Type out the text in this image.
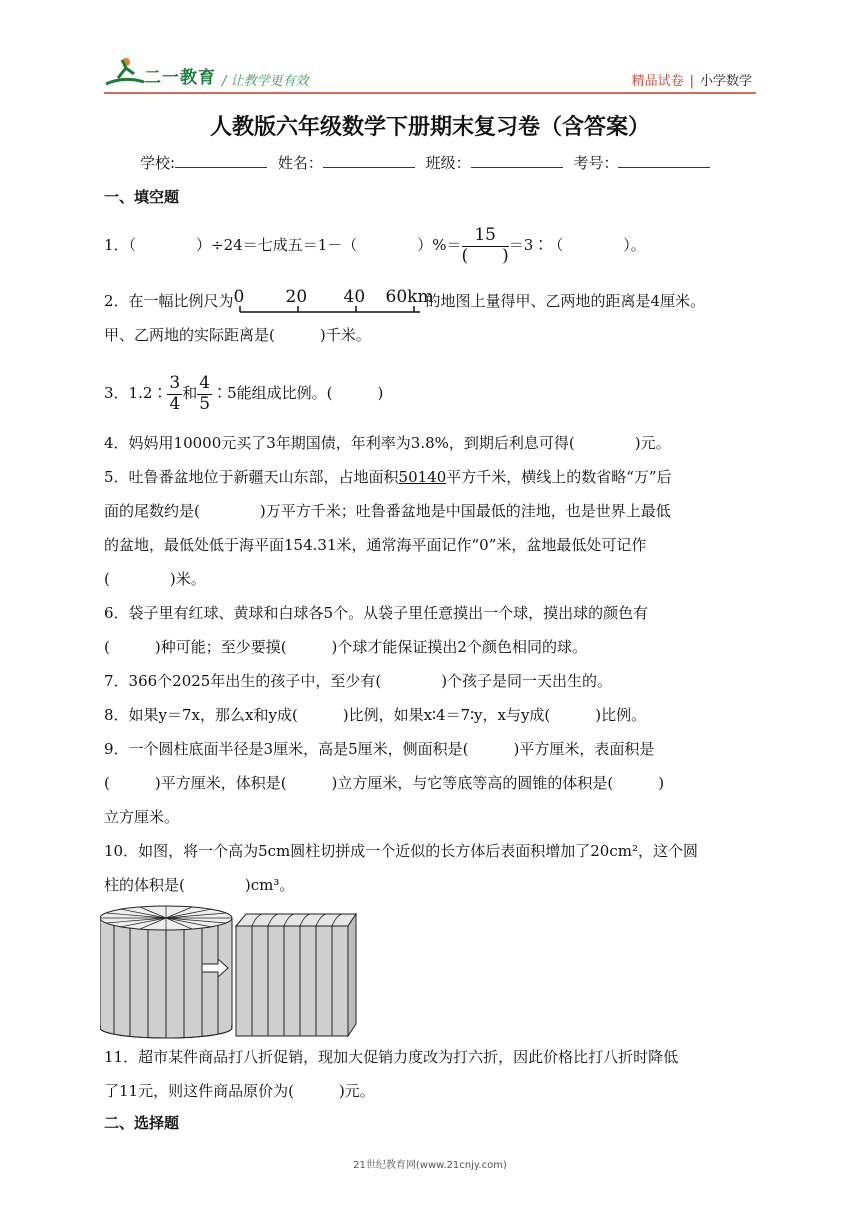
二一教育 / 让教学更有效	精品试卷 | 小学数学
人教版六年级数学下册期末复习卷（含答案）
学校:	姓名：	班级：	考号：
一、填空题
1．（　　　　）÷24＝七成五＝1－（　　　　）%＝ $\frac{15}{( )}$ ＝3∶（　　　　）。
2．在一幅比例尺为 0 20 40 60km
的地图上量得甲、乙两地的距离是4厘米。
甲、乙两地的实际距离是(　　　)千米。
3．1.2∶ $\frac{3}{4}$ 和 $\frac{4}{5}$ ∶5能组成比例。(　　　)
4．妈妈用10000元买了3年期国债，年利率为3.8%，到期后利息可得(　　　　)元。
5．吐鲁番盆地位于新疆天山东部，占地面积50140平方千米，横线上的数省略“万”后
面的尾数约是(　　　　)万平方千米；吐鲁番盆地是中国最低的洼地，也是世界上最低
的盆地，最低处低于海平面154.31米，通常海平面记作“0”米，盆地最低处可记作
(　　　　)米。
6．袋子里有红球、黄球和白球各5个。从袋子里任意摸出一个球，摸出球的颜色有
(　　　)种可能；至少要摸(　　　)个球才能保证摸出2个颜色相同的球。
7．366个2025年出生的孩子中，至少有(　　　　)个孩子是同一天出生的。
8．如果y＝7x，那么x和y成(　　　)比例，如果x∶4＝7∶y，x与y成(　　　)比例。
9．一个圆柱底面半径是3厘米，高是5厘米，侧面积是(　　　)平方厘米，表面积是
(　　　)平方厘米，体积是(　　　)立方厘米，与它等底等高的圆锥的体积是(　　　)
立方厘米。
10．如图，将一个高为5cm圆柱切拼成一个近似的长方体后表面积增加了20cm²，这个圆
柱的体积是(　　　　)cm³。
11．超市某件商品打八折促销，现加大促销力度改为打六折，因此价格比打八折时降低
了11元，则这件商品原价为(　　　)元。
二、选择题
21世纪教育网(www.21cnjy.com)
